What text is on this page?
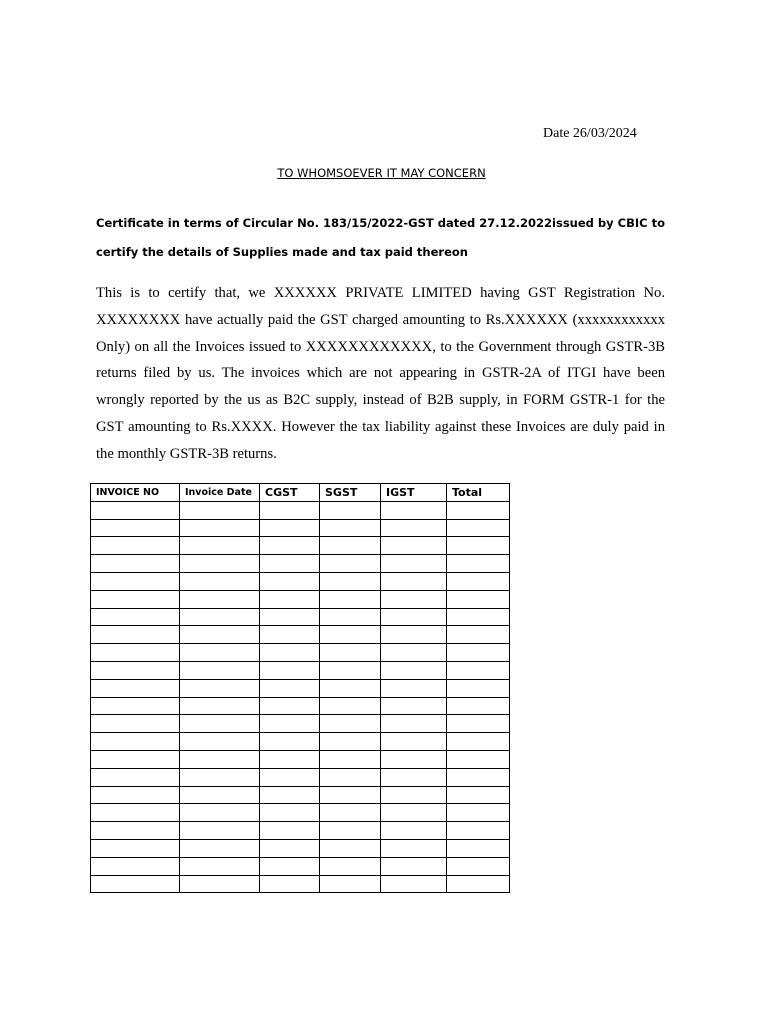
Date 26/03/2024
TO WHOMSOEVER IT MAY CONCERN
Certificate in terms of Circular No. 183/15/2022-GST dated 27.12.2022issued by CBIC to certify the details of Supplies made and tax paid thereon
This is to certify that, we XXXXXX PRIVATE LIMITED having GST Registration No. XXXXXXXX have actually paid the GST charged amounting to Rs.XXXXXX (xxxxxxxxxxxx Only) on all the Invoices issued to XXXXXXXXXXXX, to the Government through GSTR-3B returns filed by us. The invoices which are not appearing in GSTR-2A of ITGI have been wrongly reported by the us as B2C supply, instead of B2B supply, in FORM GSTR-1 for the GST amounting to Rs.XXXX. However the tax liability against these Invoices are duly paid in the monthly GSTR-3B returns.
INVOICE NO	Invoice Date	CGST	SGST	IGST	Total
